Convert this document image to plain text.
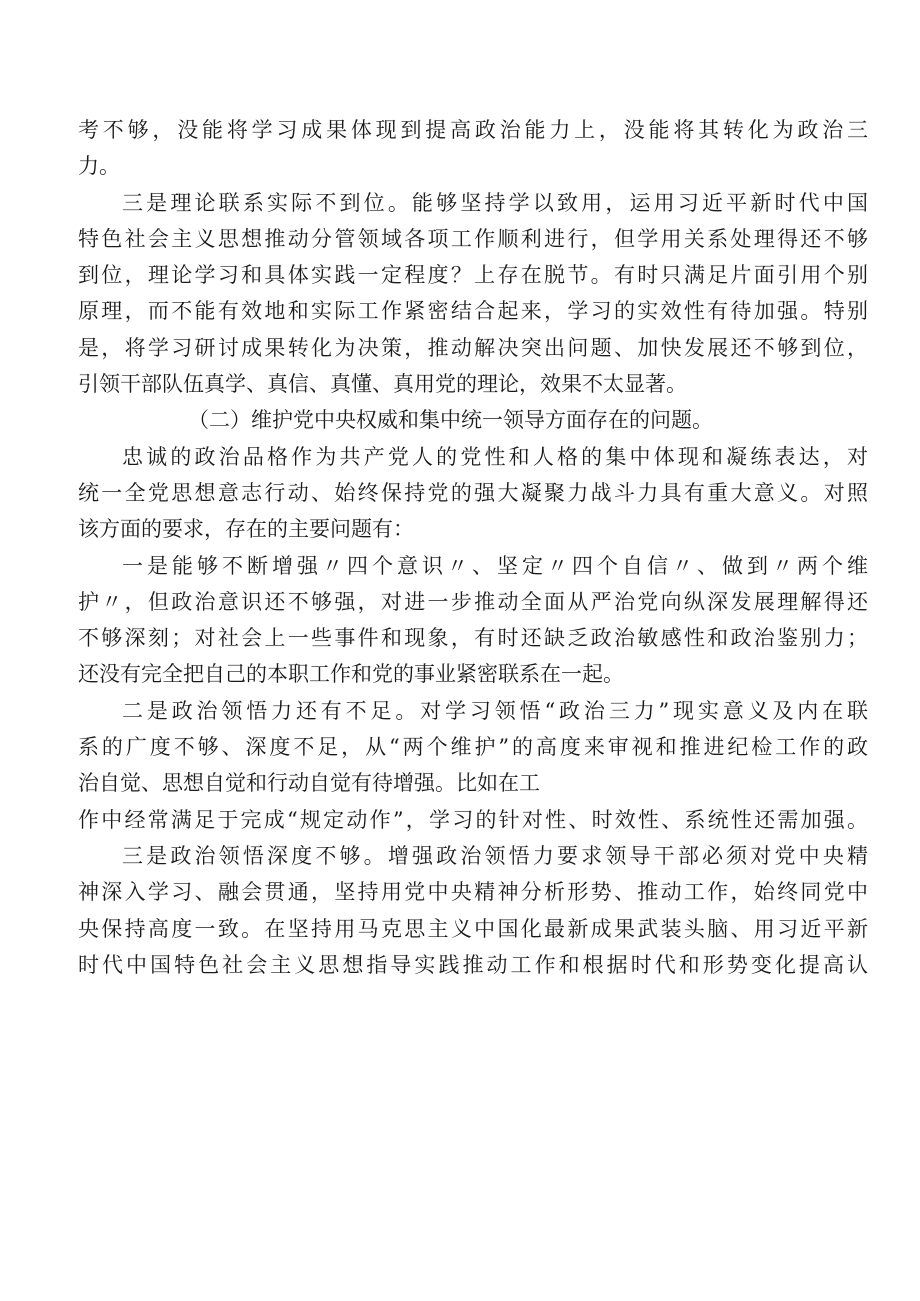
考不够，没能将学习成果体现到提高政治能力上，没能将其转化为政治三
力。
三是理论联系实际不到位。能够坚持学以致用，运用习近平新时代中国
特色社会主义思想推动分管领域各项工作顺利进行，但学用关系处理得还不够
到位，理论学习和具体实践一定程度？上存在脱节。有时只满足片面引用个别
原理，而不能有效地和实际工作紧密结合起来，学习的实效性有待加强。特别
是，将学习研讨成果转化为决策，推动解决突出问题、加快发展还不够到位，
引领干部队伍真学、真信、真懂、真用党的理论，效果不太显著。
（二）维护党中央权威和集中统一领导方面存在的问题。
忠诚的政治品格作为共产党人的党性和人格的集中体现和凝练表达，对
统一全党思想意志行动、始终保持党的强大凝聚力战斗力具有重大意义。对照
该方面的要求，存在的主要问题有：
一是能够不断增强〃四个意识〃、坚定〃四个自信〃、做到〃两个维
护〃，但政治意识还不够强，对进一步推动全面从严治党向纵深发展理解得还
不够深刻；对社会上一些事件和现象，有时还缺乏政治敏感性和政治鉴别力；
还没有完全把自己的本职工作和党的事业紧密联系在一起。
二是政治领悟力还有不足。对学习领悟“政治三力”现实意义及内在联
系的广度不够、深度不足，从“两个维护”的高度来审视和推进纪检工作的政
治自觉、思想自觉和行动自觉有待增强。比如在工
作中经常满足于完成“规定动作”，学习的针对性、时效性、系统性还需加强。
三是政治领悟深度不够。增强政治领悟力要求领导干部必须对党中央精
神深入学习、融会贯通，坚持用党中央精神分析形势、推动工作，始终同党中
央保持高度一致。在坚持用马克思主义中国化最新成果武装头脑、用习近平新
时代中国特色社会主义思想指导实践推动工作和根据时代和形势变化提高认
